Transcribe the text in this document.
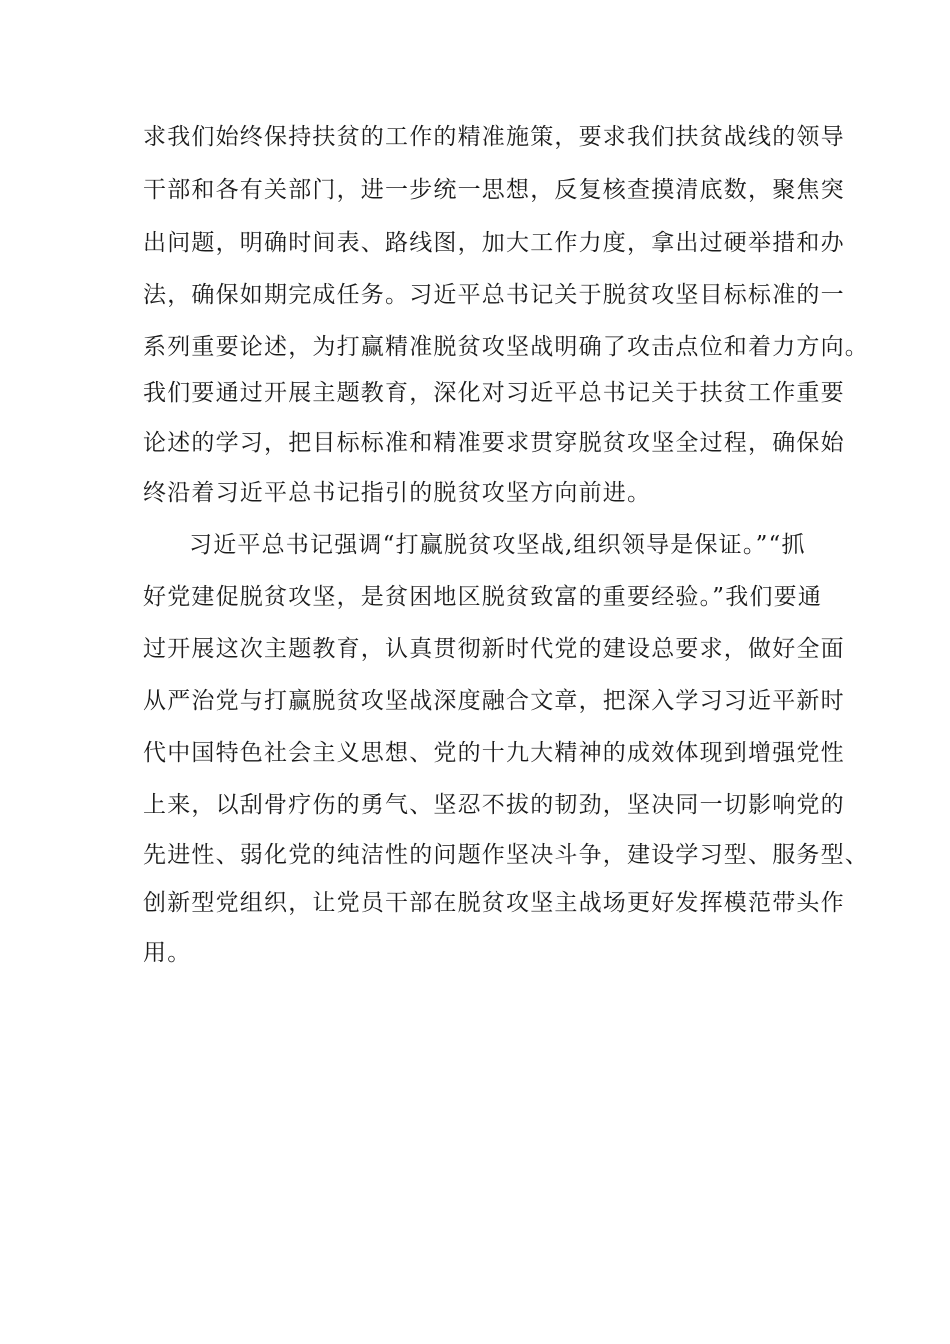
求我们始终保持扶贫的工作的精准施策，要求我们扶贫战线的领导
干部和各有关部门，进一步统一思想，反复核查摸清底数，聚焦突
出问题，明确时间表、路线图，加大工作力度，拿出过硬举措和办
法，确保如期完成任务。习近平总书记关于脱贫攻坚目标标准的一
系列重要论述，为打赢精准脱贫攻坚战明确了攻击点位和着力方向。
我们要通过开展主题教育，深化对习近平总书记关于扶贫工作重要
论述的学习，把目标标准和精准要求贯穿脱贫攻坚全过程，确保始
终沿着习近平总书记指引的脱贫攻坚方向前进。
习近平总书记强调“打赢脱贫攻坚战,组织领导是保证。”“抓
好党建促脱贫攻坚，是贫困地区脱贫致富的重要经验。”我们要通
过开展这次主题教育，认真贯彻新时代党的建设总要求，做好全面
从严治党与打赢脱贫攻坚战深度融合文章，把深入学习习近平新时
代中国特色社会主义思想、党的十九大精神的成效体现到增强党性
上来，以刮骨疗伤的勇气、坚忍不拔的韧劲，坚决同一切影响党的
先进性、弱化党的纯洁性的问题作坚决斗争，建设学习型、服务型、
创新型党组织，让党员干部在脱贫攻坚主战场更好发挥模范带头作
用。
